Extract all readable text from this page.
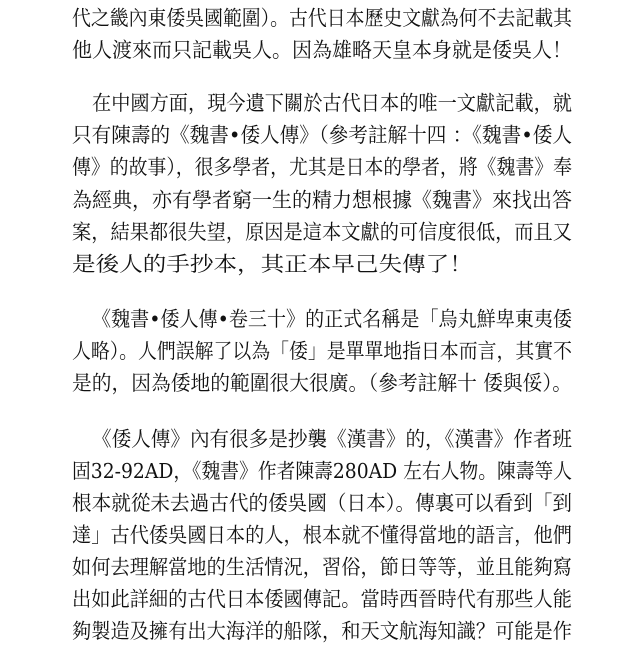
代之畿內東倭吳國範圍）。古代日本歷史文獻為何不去記載其
他人渡來而只記載吳人。因為雄略天皇本身就是倭吳人！
在中國方面，現今遺下關於古代日本的唯一文獻記載，就
只有陳壽的《魏書•倭人傳》（參考註解十四 ：《魏書•倭人
傳》的故事），很多學者，尤其是日本的學者，將《魏書》奉
為經典，亦有學者窮一生的精力想根據《魏書》來找出答
案，結果都很失望，原因是這本文獻的可信度很低，而且又
是後人的手抄本，其正本早己失傳了！
《魏書•倭人傳•卷三十》的正式名稱是「烏丸鮮卑東夷倭
人略）。人們誤解了以為「倭」是單單地指日本而言，其實不
是的，因為倭地的範圍很大很廣。（參考註解十 倭與俀）。
《倭人傳》內有很多是抄襲《漢書》的，《漢書》作者班
固32-92AD，《魏書》作者陳壽280AD 左右人物。陳壽等人
根本就從未去過古代的倭吳國（日本）。傳裏可以看到「到
達」古代倭吳國日本的人，根本就不懂得當地的語言，他們
如何去理解當地的生活情況，習俗，節日等等，並且能夠寫
出如此詳細的古代日本倭國傳記。當時西晉時代有那些人能
夠製造及擁有出大海洋的船隊，和天文航海知識？可能是作
